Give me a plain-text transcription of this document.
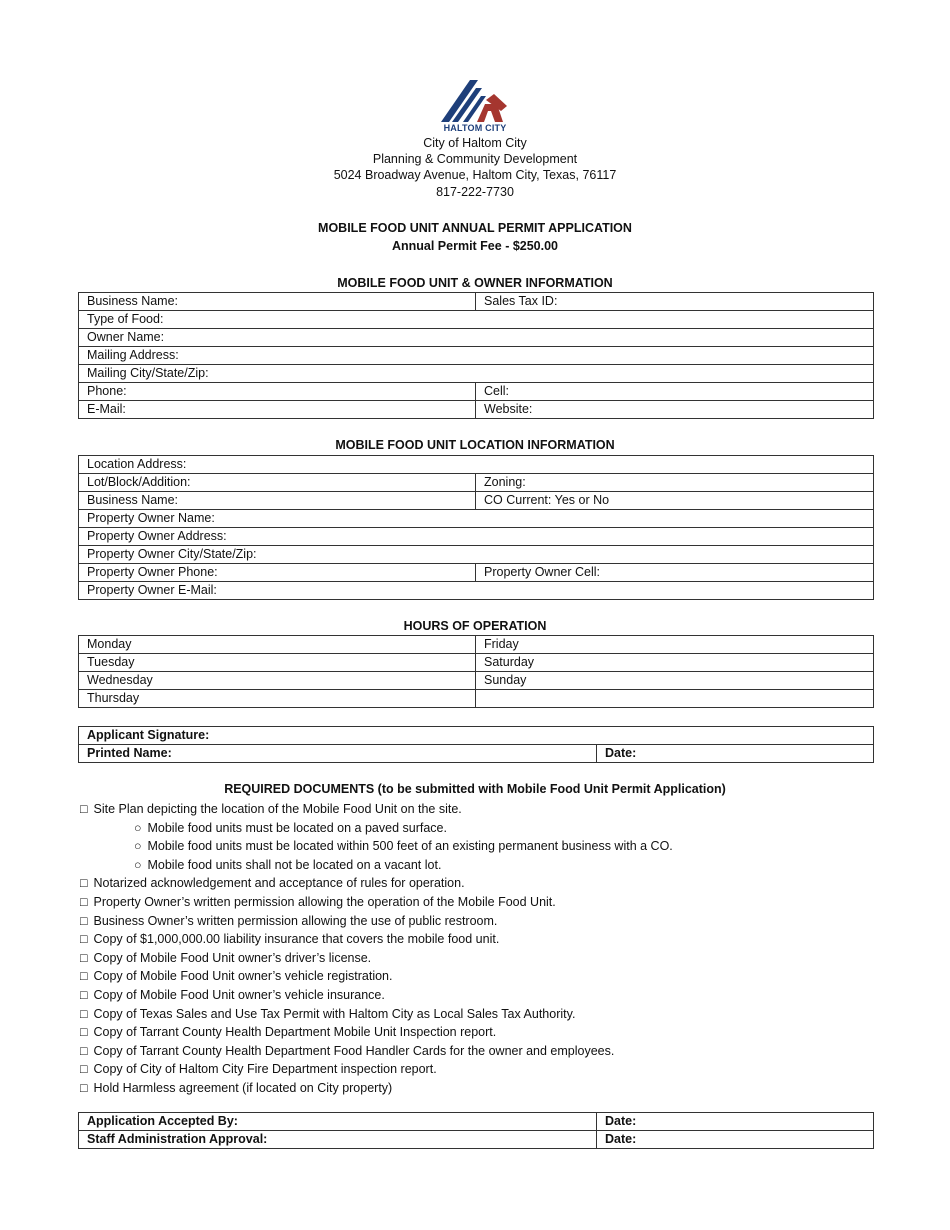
HALTOM CITY
City of Haltom City
Planning & Community Development
5024 Broadway Avenue, Haltom City, Texas, 76117
817-222-7730
MOBILE FOOD UNIT ANNUAL PERMIT APPLICATION
Annual Permit Fee - $250.00
MOBILE FOOD UNIT & OWNER INFORMATION
Business Name:	Sales Tax ID:
Type of Food:	
Owner Name:	
Mailing Address:	
Mailing City/State/Zip:	
Phone:	Cell:
E-Mail:	Website:
MOBILE FOOD UNIT LOCATION INFORMATION
Location Address:	
Lot/Block/Addition:	Zoning:
Business Name:	CO Current: Yes or No
Property Owner Name:	
Property Owner Address:	
Property Owner City/State/Zip:	
Property Owner Phone:	Property Owner Cell:
Property Owner E-Mail:	
HOURS OF OPERATION
Monday	Friday
Tuesday	Saturday
Wednesday	Sunday
Thursday	
Applicant Signature:
Printed Name:	Date:
REQUIRED DOCUMENTS (to be submitted with Mobile Food Unit Permit Application)
□ Site Plan depicting the location of the Mobile Food Unit on the site.
○ Mobile food units must be located on a paved surface.
○ Mobile food units must be located within 500 feet of an existing permanent business with a CO.
○ Mobile food units shall not be located on a vacant lot.
□ Notarized acknowledgement and acceptance of rules for operation.
□ Property Owner’s written permission allowing the operation of the Mobile Food Unit.
□ Business Owner’s written permission allowing the use of public restroom.
□ Copy of $1,000,000.00 liability insurance that covers the mobile food unit.
□ Copy of Mobile Food Unit owner’s driver’s license.
□ Copy of Mobile Food Unit owner’s vehicle registration.
□ Copy of Mobile Food Unit owner’s vehicle insurance.
□ Copy of Texas Sales and Use Tax Permit with Haltom City as Local Sales Tax Authority.
□ Copy of Tarrant County Health Department Mobile Unit Inspection report.
□ Copy of Tarrant County Health Department Food Handler Cards for the owner and employees.
□ Copy of City of Haltom City Fire Department inspection report.
□ Hold Harmless agreement (if located on City property)
Application Accepted By:	Date:
Staff Administration Approval:	Date:
